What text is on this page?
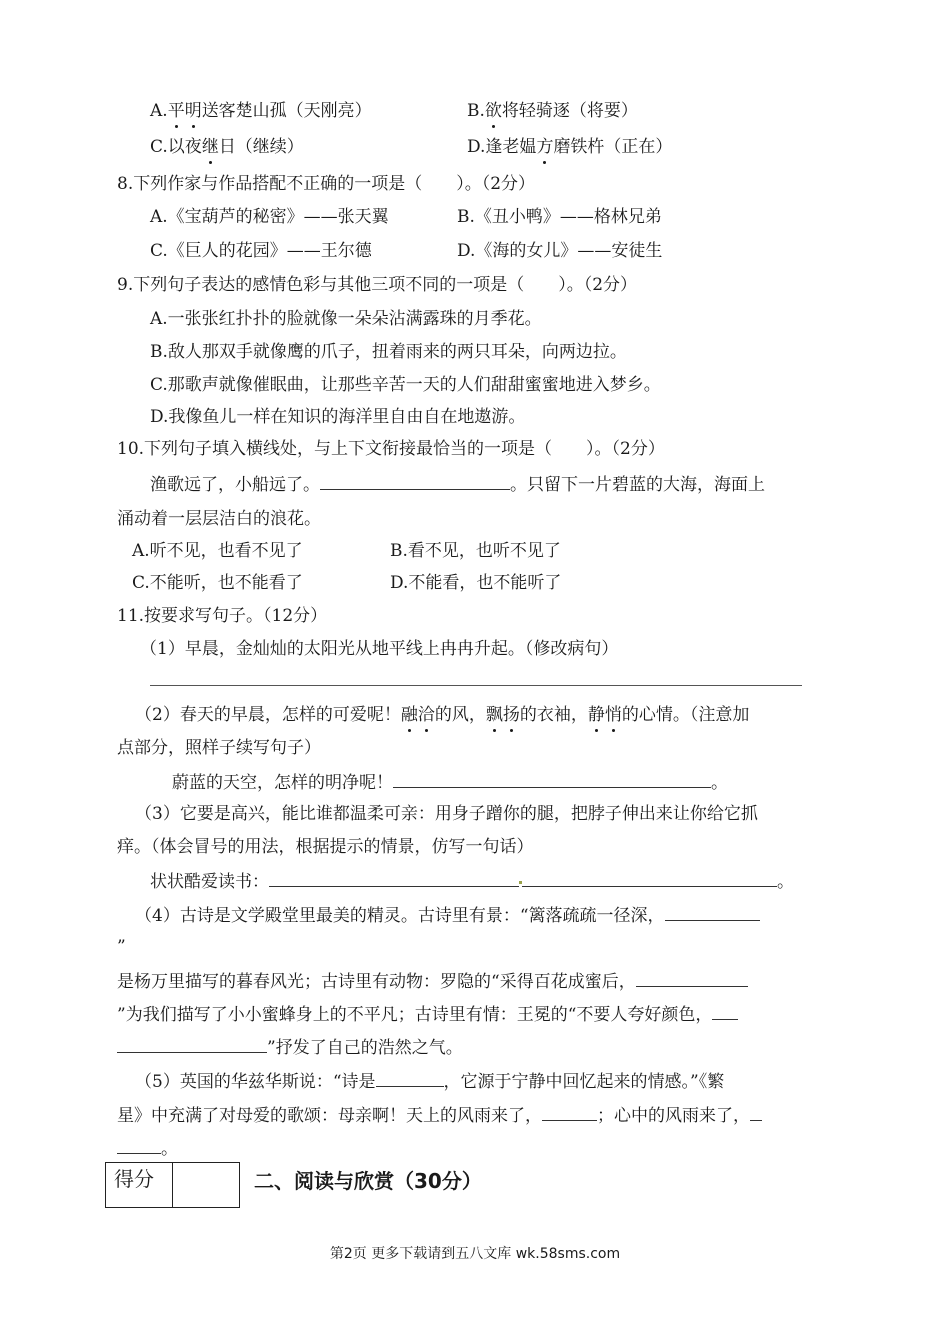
A.平明送客楚山孤（天刚亮）	B.欲将轻骑逐（将要）
C.以夜继日（继续）	D.逢老媪方磨铁杵（正在）
8.下列作家与作品搭配不正确的一项是（　　）。（2分）
A.《宝葫芦的秘密》——张天翼	B.《丑小鸭》——格林兄弟
C.《巨人的花园》——王尔德	D.《海的女儿》——安徒生
9.下列句子表达的感情色彩与其他三项不同的一项是（　　）。（2分）
A.一张张红扑扑的脸就像一朵朵沾满露珠的月季花。
B.敌人那双手就像鹰的爪子，扭着雨来的两只耳朵，向两边拉。
C.那歌声就像催眠曲，让那些辛苦一天的人们甜甜蜜蜜地进入梦乡。
D.我像鱼儿一样在知识的海洋里自由自在地遨游。
10.下列句子填入横线处，与上下文衔接最恰当的一项是（　　）。（2分）
渔歌远了，小船远了。	。只留下一片碧蓝的大海，海面上
涌动着一层层洁白的浪花。
A.听不见，也看不见了	B.看不见，也听不见了
C.不能听，也不能看了	D.不能看，也不能听了
11.按要求写句子。（12分）
（1）早晨，金灿灿的太阳光从地平线上冉冉升起。（修改病句）
（2）春天的早晨，怎样的可爱呢！融洽的风，飘扬的衣袖，静悄的心情。（注意加
点部分，照样子续写句子）
蔚蓝的天空，怎样的明净呢！	。
（3）它要是高兴，能比谁都温柔可亲：用身子蹭你的腿，把脖子伸出来让你给它抓
痒。（体会冒号的用法，根据提示的情景，仿写一句话）
状状酷爱读书：	。
（4）古诗是文学殿堂里最美的精灵。古诗里有景：“篱落疏疏一径深，
”
是杨万里描写的暮春风光；古诗里有动物：罗隐的“采得百花成蜜后，
”为我们描写了小小蜜蜂身上的不平凡；古诗里有情：王冕的“不要人夸好颜色，
”抒发了自己的浩然之气。
（5）英国的华兹华斯说：“诗是	，它源于宁静中回忆起来的情感。”《繁
星》中充满了对母爱的歌颂：母亲啊！天上的风雨来了，	；心中的风雨来了，
。
得分		二、阅读与欣赏（30分）
第2页 更多下载请到五八文库 wk.58sms.com
